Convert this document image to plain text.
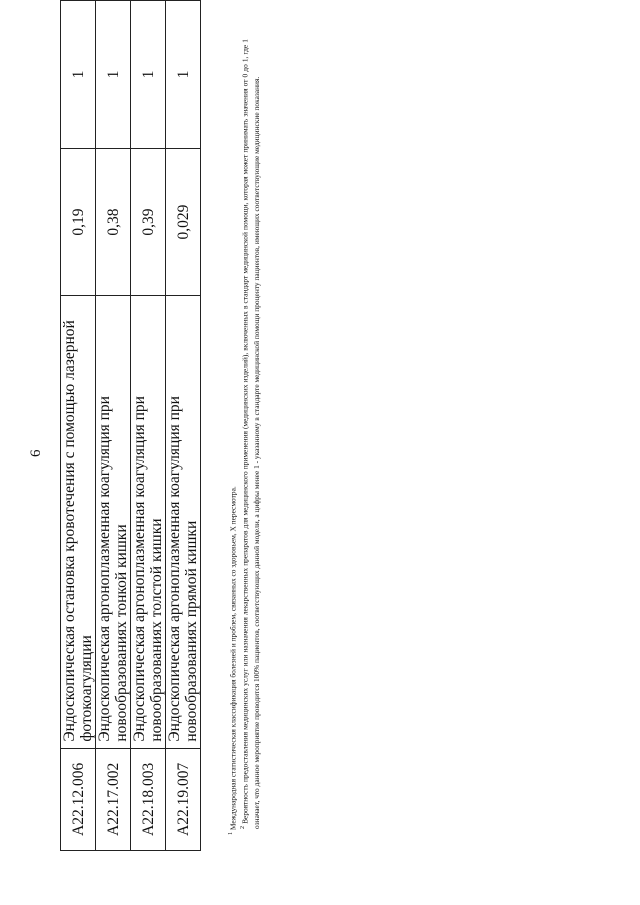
6
A22.12.006	Эндоскопическая остановка кровотечения с помощью лазерной фотокоагуляции	0,19	1
A22.17.002	Эндоскопическая аргоноплазменная коагуляция при новообразованиях тонкой кишки	0,38	1
A22.18.003	Эндоскопическая аргоноплазменная коагуляция при новообразованиях толстой кишки	0,39	1
A22.19.007	Эндоскопическая аргоноплазменная коагуляция при новообразованиях прямой кишки	0,029	1

$^1$ Международная статистическая классификация болезней и проблем, связанных со здоровьем, X пересмотра. $^2$ Вероятность предоставления медицинских услуг или назначения лекарственных препаратов для медицинского применения (медицинских изделий), включенных в стандарт медицинской помощи, которая может принимать значения от 0 до 1, где 1 означает, что данное мероприятие проводится 100% пациентов, соответствующих данной модели, а цифры менее 1 - указанному в стандарте медицинской помощи проценту пациентов, имеющих соответствующие медицинские показания.
